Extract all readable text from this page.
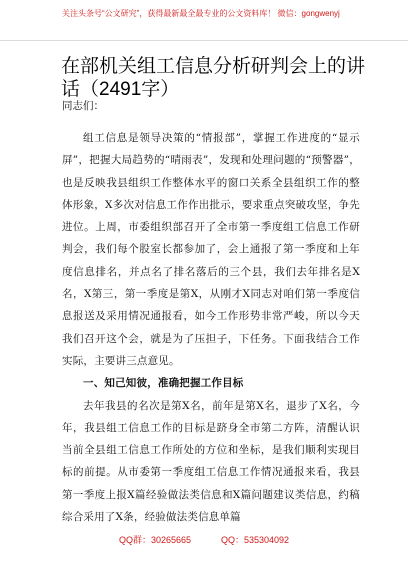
关注头条号“公文研究”，获得最新最全最专业的公文资料库！ 微信：gongwenyj
在部机关组工信息分析研判会上的讲话（2491字）
同志们：

组工信息是领导决策的“情报部”，掌握工作进度的“显示屏”，把握大局趋势的“晴雨表”，发现和处理问题的“预警器”，也是反映我县组织工作整体水平的窗口关系全县组织工作的整体形象，X多次对信息工作作出批示，要求重点突破攻坚，争先进位。上周，市委组织部召开了全市第一季度组工信息工作研判会，我们每个股室长都参加了，会上通报了第一季度和上年度信息排名，并点名了排名落后的三个县，我们去年排名是X名，X第三，第一季度是第X，从刚才X同志对咱们第一季度信息报送及采用情况通报看，如今工作形势非常严峻，所以今天我们召开这个会，就是为了压担子，下任务。下面我结合工作实际，主要讲三点意见。

一、知己知彼，准确把握工作目标

去年我县的名次是第X名，前年是第X名，退步了X名，今年，我县组工信息工作的目标是跻身全市第二方阵，清醒认识当前全县组工信息工作所处的方位和坐标，是我们顺利实现目标的前提。从市委第一季度组工信息工作情况通报来看，我县第一季度上报X篇经验做法类信息和X篇问题建议类信息，约稿综合采用了X条，经验做法类信息单篇

QQ群：30265665	QQ：535304092
